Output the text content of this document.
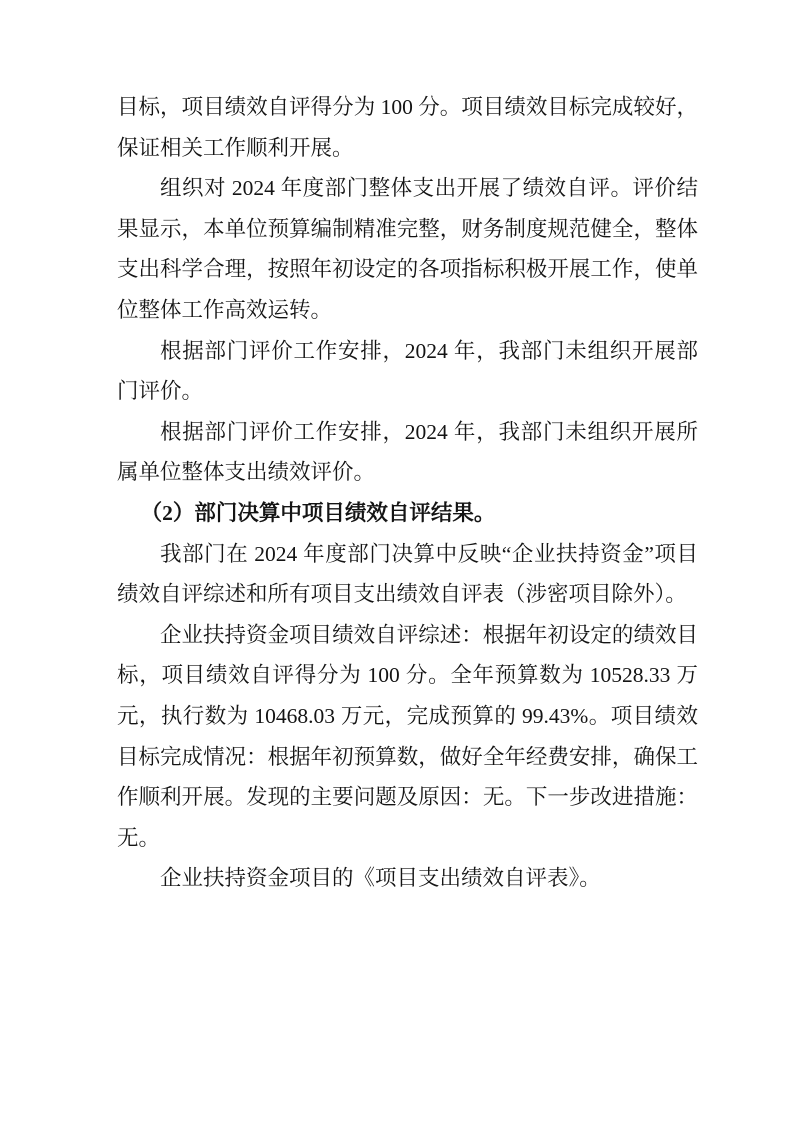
目标，项目绩效自评得分为 100 分。项目绩效目标完成较好，保证相关工作顺利开展。

组织对 2024 年度部门整体支出开展了绩效自评。评价结果显示，本单位预算编制精准完整，财务制度规范健全，整体支出科学合理，按照年初设定的各项指标积极开展工作，使单位整体工作高效运转。

根据部门评价工作安排，2024 年，我部门未组织开展部门评价。

根据部门评价工作安排，2024 年，我部门未组织开展所属单位整体支出绩效评价。

（2）部门决算中项目绩效自评结果。

我部门在 2024 年度部门决算中反映“企业扶持资金”项目绩效自评综述和所有项目支出绩效自评表（涉密项目除外）。

企业扶持资金项目绩效自评综述：根据年初设定的绩效目标，项目绩效自评得分为 100 分。全年预算数为 10528.33 万元，执行数为 10468.03 万元，完成预算的 99.43%。项目绩效目标完成情况：根据年初预算数，做好全年经费安排，确保工作顺利开展。发现的主要问题及原因：无。下一步改进措施：无。

企业扶持资金项目的《项目支出绩效自评表》。
